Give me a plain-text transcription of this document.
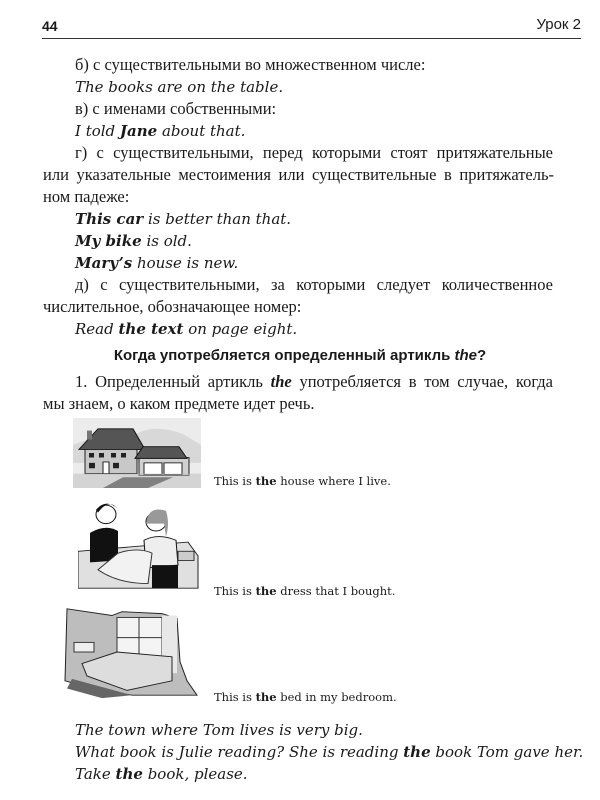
44	Урок 2
б) с существительными во множественном числе:
The books are on the table.
в) с именами собственными:
I told Jane about that.
г) с существительными, перед которыми стоят притяжательные
или указательные местоимения или существительные в притяжатель-
ном падеже:
This car is better than that.
My bike is old.
Mary’s house is new.
д) с существительными, за которыми следует количественное
числительное, обозначающее номер:
Read the text on page eight.
Когда употребляется определенный артикль the?
1. Определенный артикль the употребляется в том случае, когда
мы знаем, о каком предмете идет речь.
This is the house where I live.
This is the dress that I bought.
This is the bed in my bedroom.
The town where Tom lives is very big.
What book is Julie reading? She is reading the book Tom gave her.
Take the book, please.
